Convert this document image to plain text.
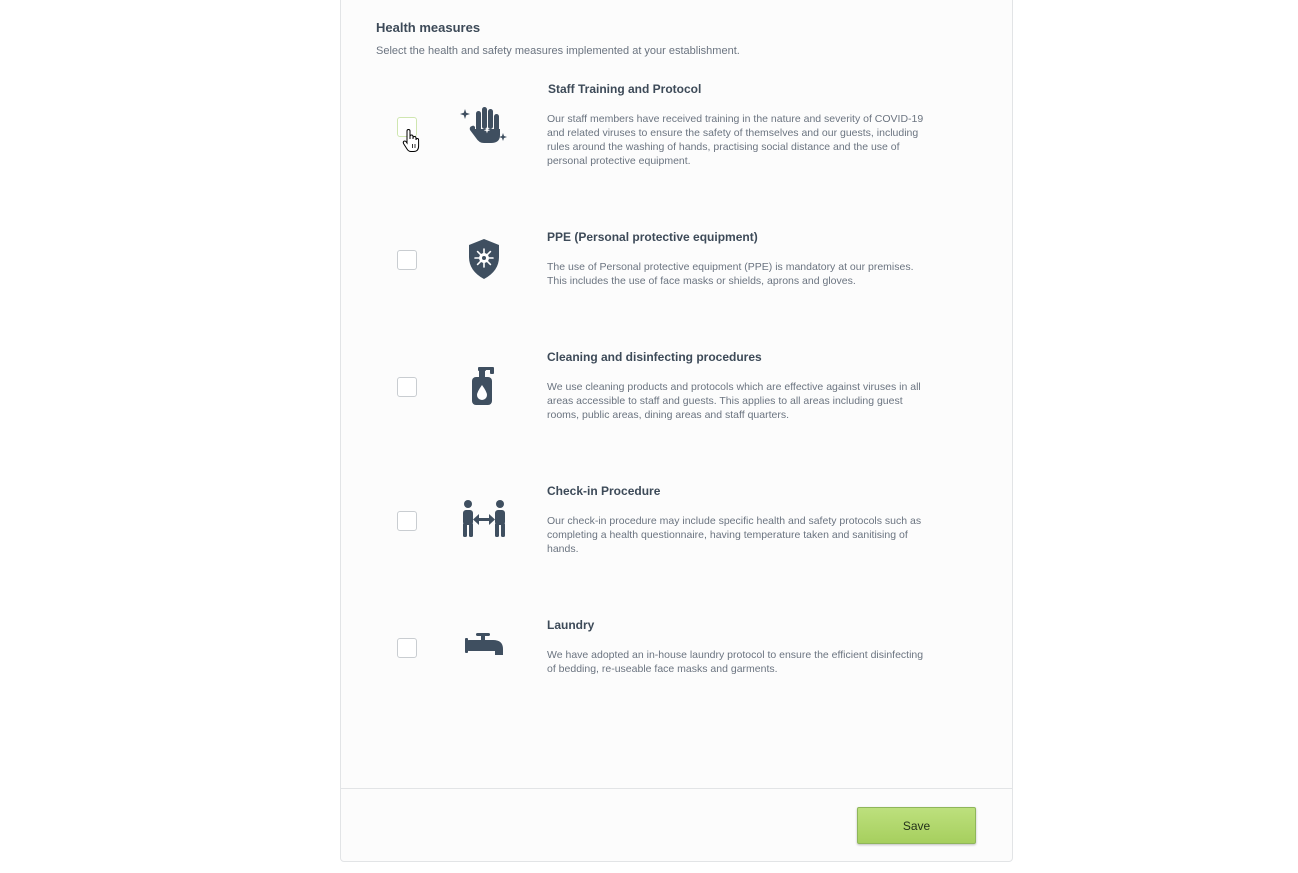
Health measures
Select the health and safety measures implemented at your establishment.
Staff Training and Protocol
Our staff members have received training in the nature and severity of COVID-19 and related viruses to ensure the safety of themselves and our guests, including rules around the washing of hands, practising social distance and the use of personal protective equipment.
PPE (Personal protective equipment)
The use of Personal protective equipment (PPE) is mandatory at our premises. This includes the use of face masks or shields, aprons and gloves.
Cleaning and disinfecting procedures
We use cleaning products and protocols which are effective against viruses in all areas accessible to staff and guests. This applies to all areas including guest rooms, public areas, dining areas and staff quarters.
Check-in Procedure
Our check-in procedure may include specific health and safety protocols such as completing a health questionnaire, having temperature taken and sanitising of hands.
Laundry
We have adopted an in-house laundry protocol to ensure the efficient disinfecting of bedding, re-useable face masks and garments.
Save
